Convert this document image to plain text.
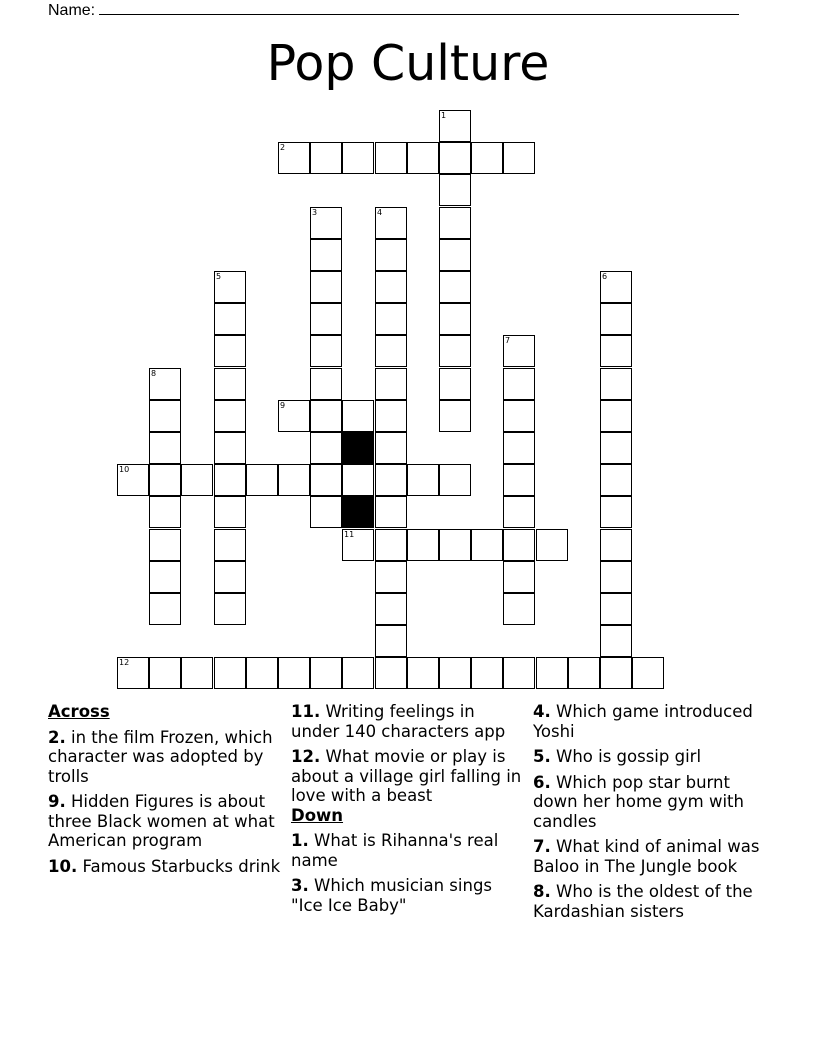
Name:
Pop Culture
1
2
3	4
5	6
7
8
9
10
11
12
Across
2. in the film Frozen, which character was adopted by trolls
9. Hidden Figures is about three Black women at what American program
10. Famous Starbucks drink
11. Writing feelings in under 140 characters app
12. What movie or play is about a village girl falling in love with a beast
Down
1. What is Rihanna's real name
3. Which musician sings "Ice Ice Baby"
4. Which game introduced Yoshi
5. Who is gossip girl
6. Which pop star burnt down her home gym with candles
7. What kind of animal was Baloo in The Jungle book
8. Who is the oldest of the Kardashian sisters
